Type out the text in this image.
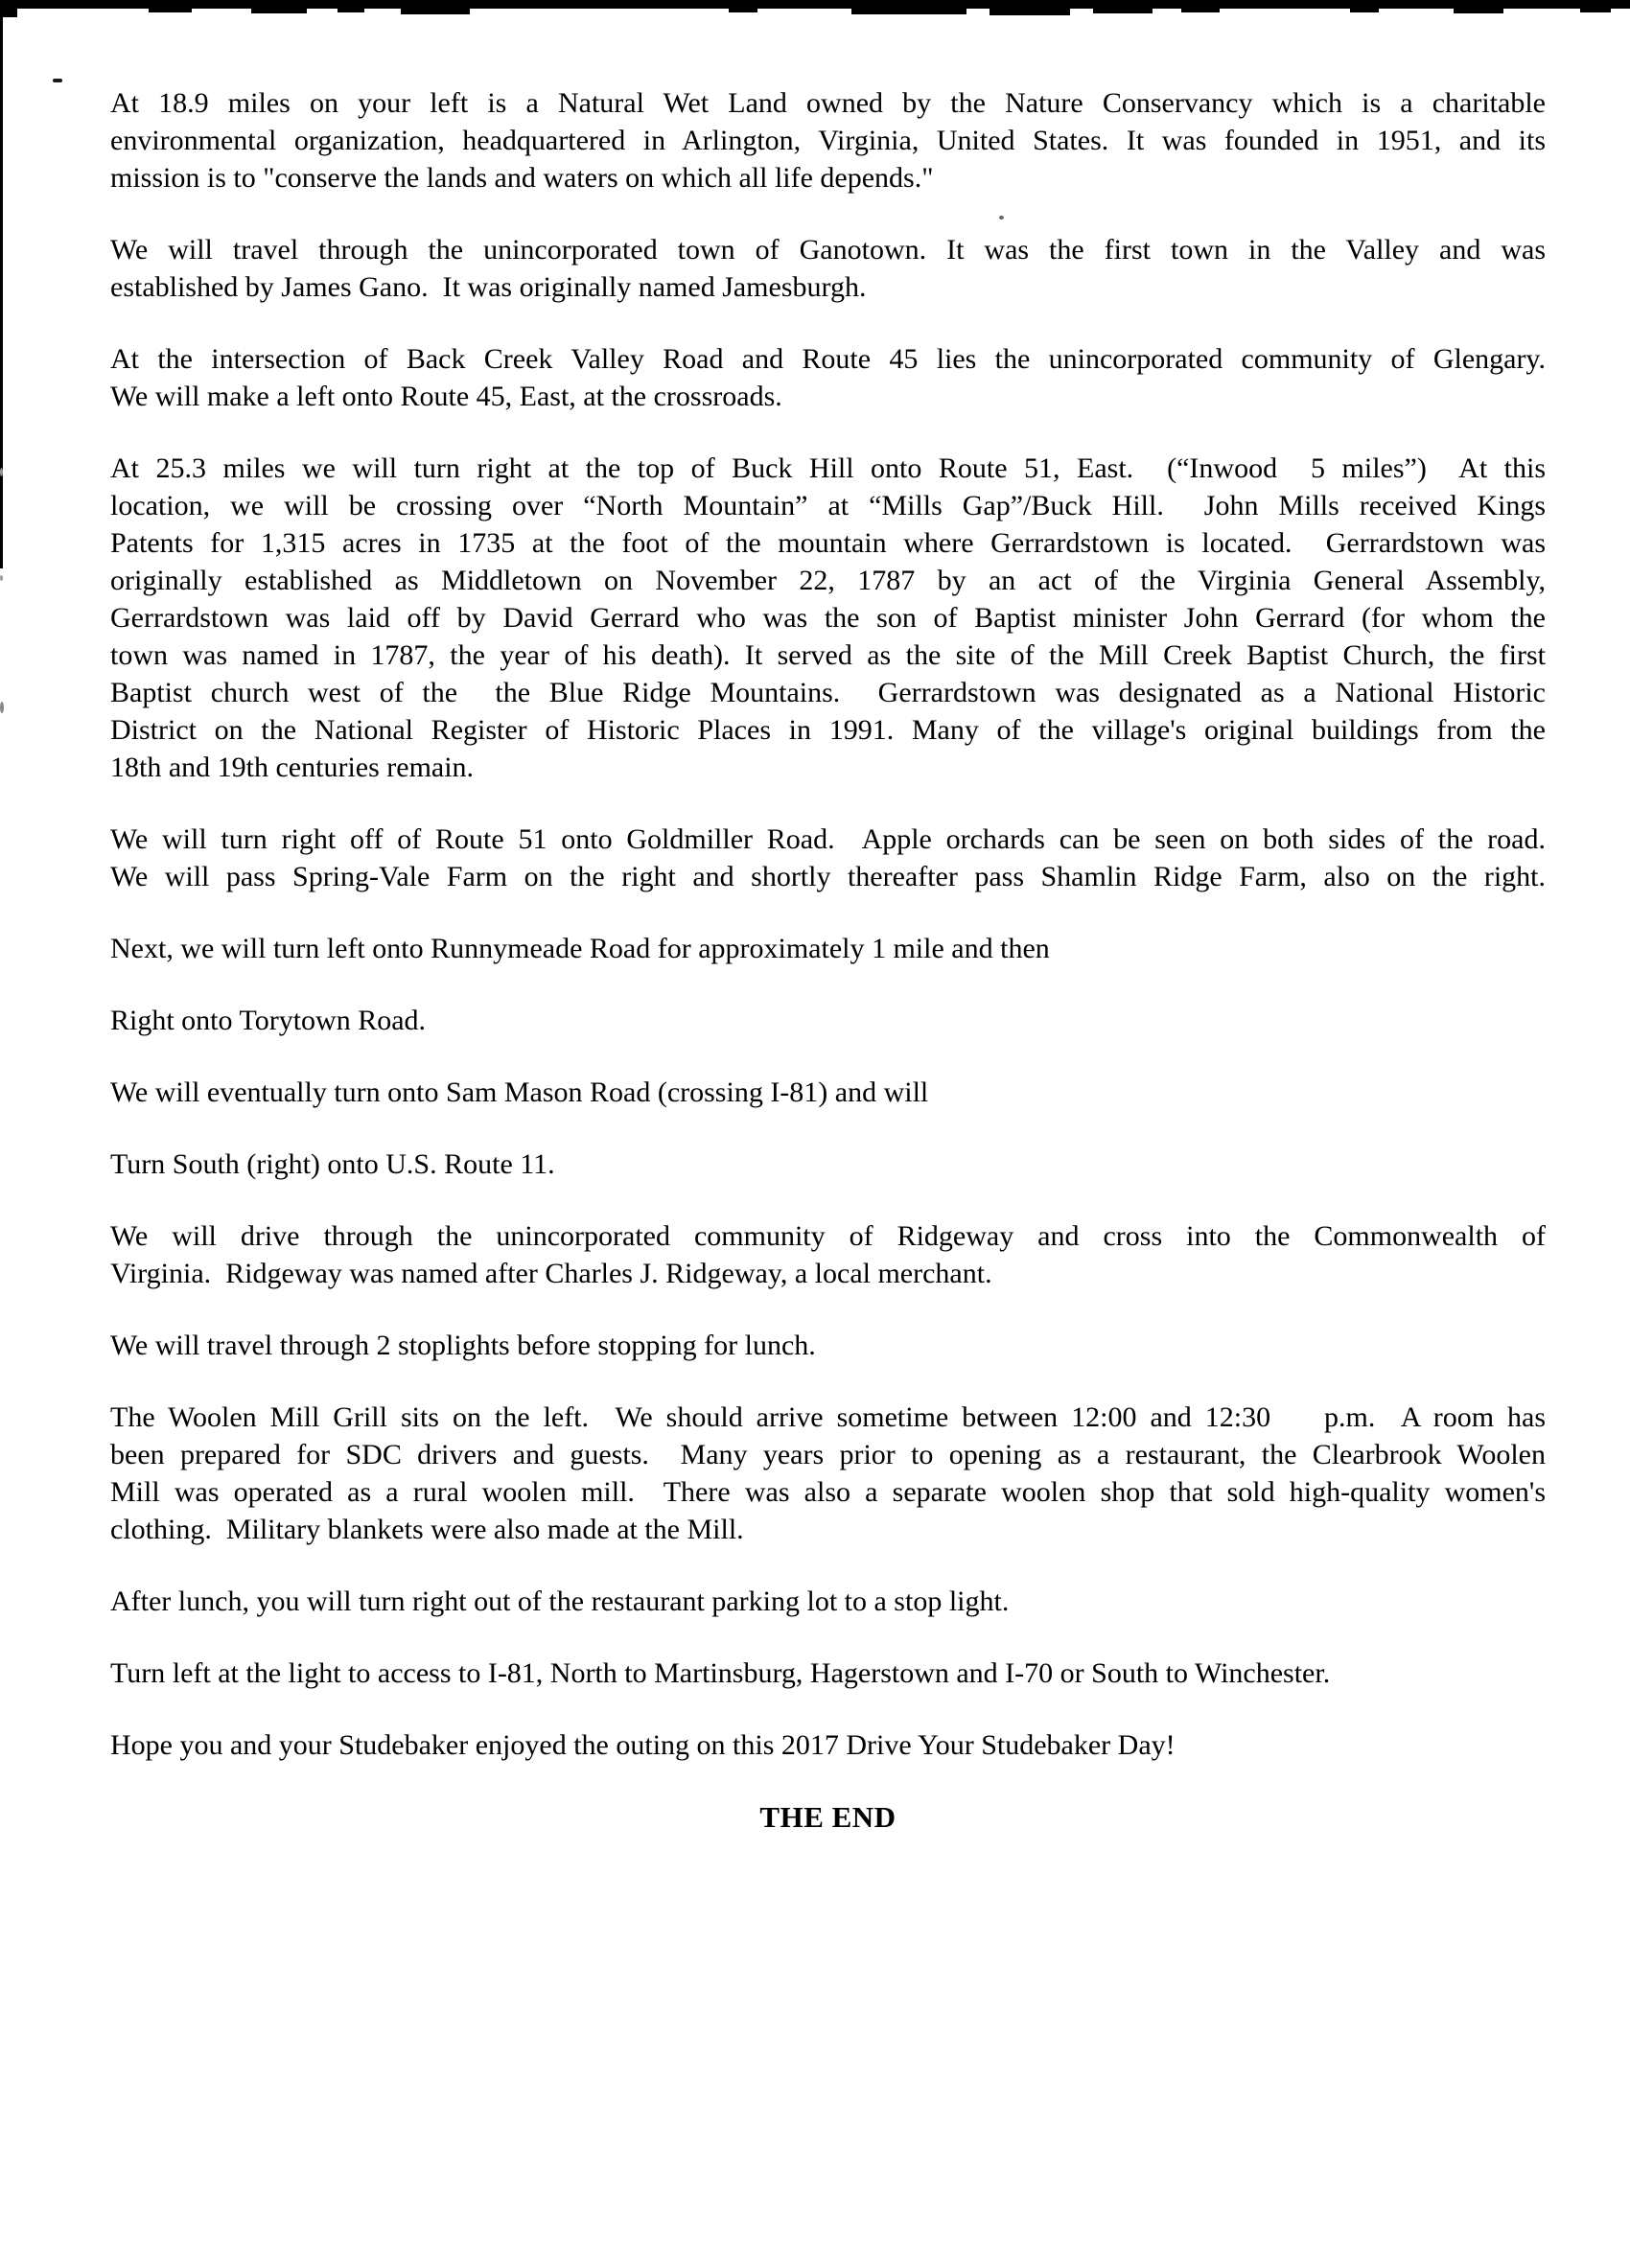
At 18.9 miles on your left is a Natural Wet Land owned by the Nature Conservancy which is a charitable
environmental organization, headquartered in Arlington, Virginia, United States. It was founded in 1951, and its
mission is to "conserve the lands and waters on which all life depends."

We will travel through the unincorporated town of Ganotown. It was the first town in the Valley and was
established by James Gano.  It was originally named Jamesburgh.

At the intersection of Back Creek Valley Road and Route 45 lies the unincorporated community of Glengary.
We will make a left onto Route 45, East, at the crossroads.

At 25.3 miles we will turn right at the top of Buck Hill onto Route 51, East.  (“Inwood  5 miles”)  At this
location, we will be crossing over “North Mountain” at “Mills Gap”/Buck Hill.  John Mills received Kings
Patents for 1,315 acres in 1735 at the foot of the mountain where Gerrardstown is located.  Gerrardstown was
originally established as Middletown on November 22, 1787 by an act of the Virginia General Assembly,
Gerrardstown was laid off by David Gerrard who was the son of Baptist minister John Gerrard (for whom the
town was named in 1787, the year of his death). It served as the site of the Mill Creek Baptist Church, the first
Baptist church west of the  the Blue Ridge Mountains.  Gerrardstown was designated as a National Historic
District on the National Register of Historic Places in 1991. Many of the village's original buildings from the
18th and 19th centuries remain.

We will turn right off of Route 51 onto Goldmiller Road.  Apple orchards can be seen on both sides of the road.
We will pass Spring-Vale Farm on the right and shortly thereafter pass Shamlin Ridge Farm, also on the right.

Next, we will turn left onto Runnymeade Road for approximately 1 mile and then

Right onto Torytown Road.

We will eventually turn onto Sam Mason Road (crossing I-81) and will

Turn South (right) onto U.S. Route 11.

We will drive through the unincorporated community of Ridgeway and cross into the Commonwealth of
Virginia.  Ridgeway was named after Charles J. Ridgeway, a local merchant.

We will travel through 2 stoplights before stopping for lunch.

The Woolen Mill Grill sits on the left.  We should arrive sometime between 12:00 and 12:30    p.m.  A room has
been prepared for SDC drivers and guests.  Many years prior to opening as a restaurant, the Clearbrook Woolen
Mill was operated as a rural woolen mill.  There was also a separate woolen shop that sold high-quality women's
clothing.  Military blankets were also made at the Mill.

After lunch, you will turn right out of the restaurant parking lot to a stop light.

Turn left at the light to access to I-81, North to Martinsburg, Hagerstown and I-70 or South to Winchester.

Hope you and your Studebaker enjoyed the outing on this 2017 Drive Your Studebaker Day!

THE END
